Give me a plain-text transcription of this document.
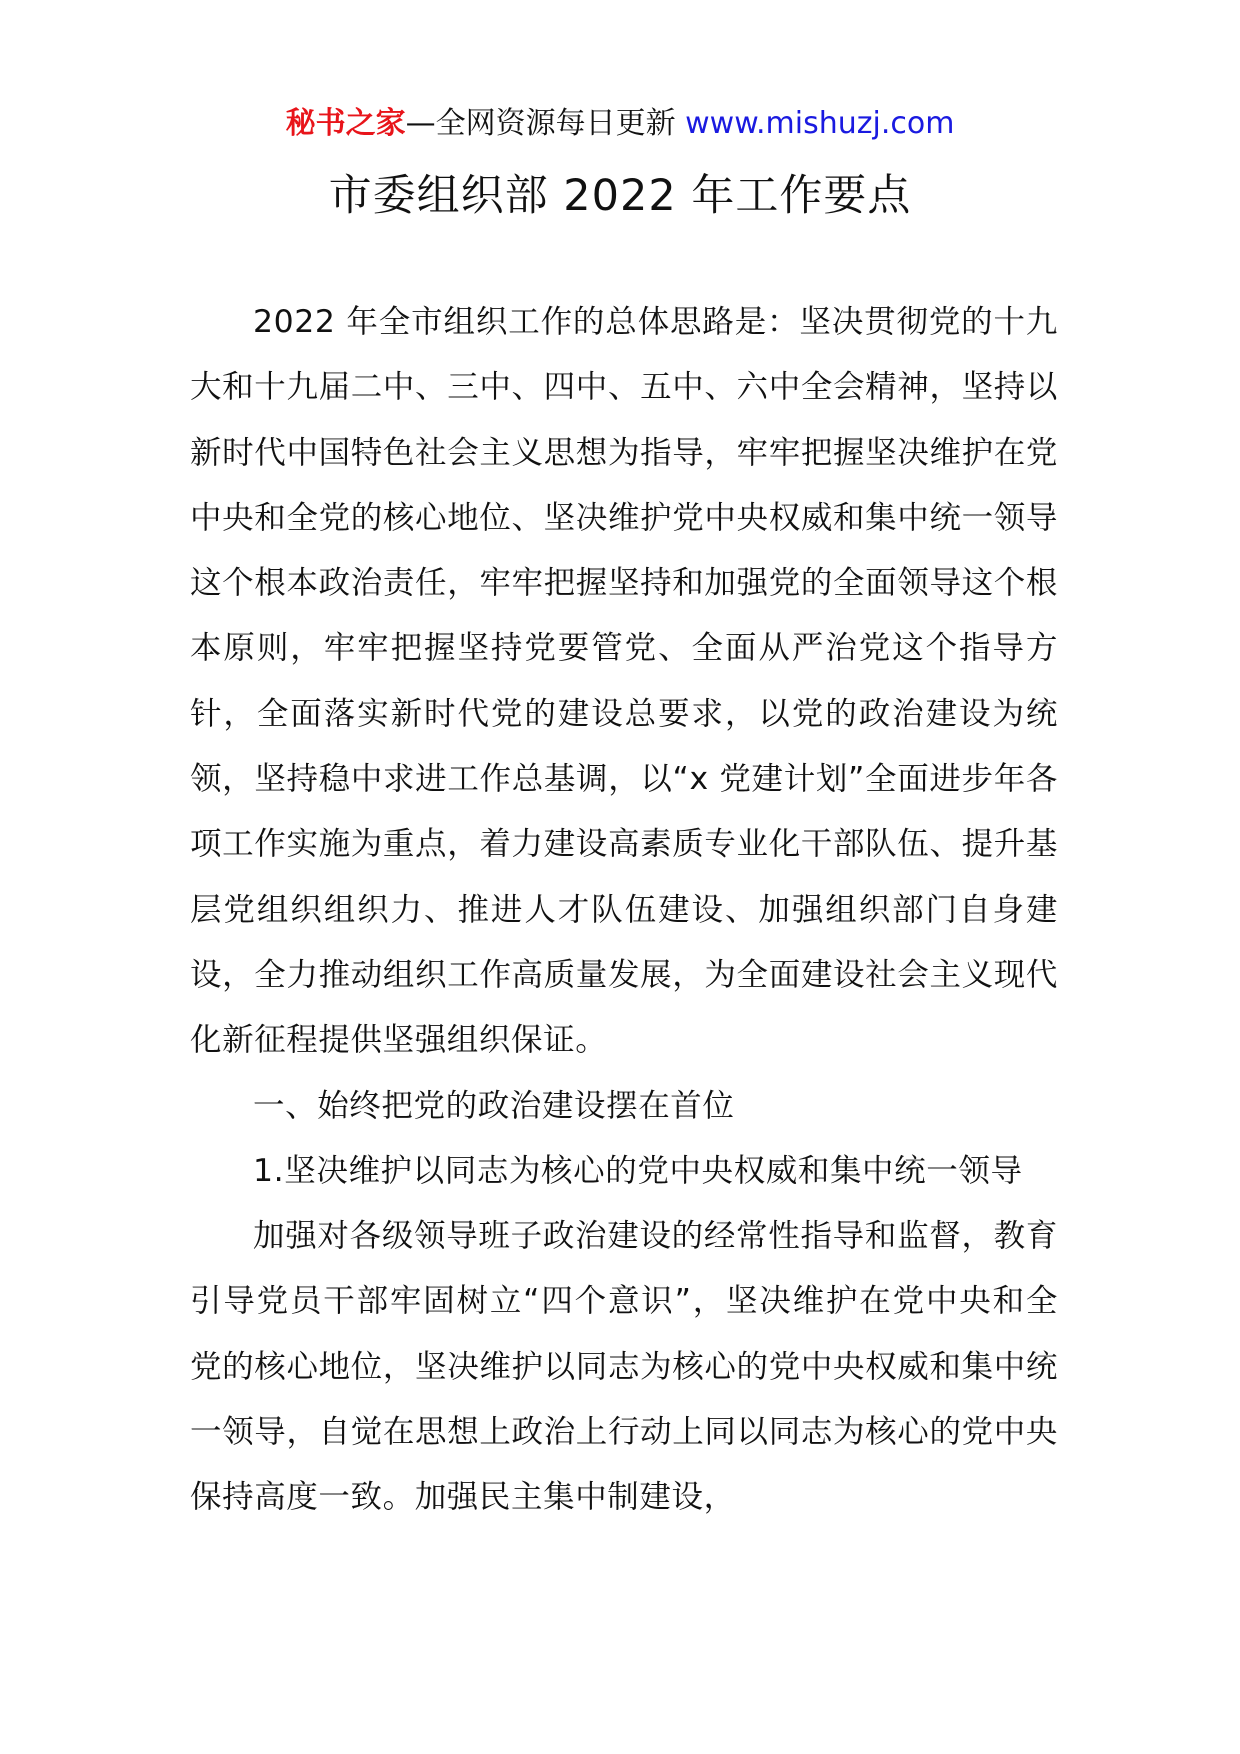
秘书之家—全网资源每日更新 www.mishuzj.com
市委组织部 2022 年工作要点

2022 年全市组织工作的总体思路是：坚决贯彻党的十九大和十九届二中、三中、四中、五中、六中全会精神，坚持以新时代中国特色社会主义思想为指导，牢牢把握坚决维护在党中央和全党的核心地位、坚决维护党中央权威和集中统一领导这个根本政治责任，牢牢把握坚持和加强党的全面领导这个根本原则，牢牢把握坚持党要管党、全面从严治党这个指导方针，全面落实新时代党的建设总要求，以党的政治建设为统领，坚持稳中求进工作总基调，以“x 党建计划”全面进步年各项工作实施为重点，着力建设高素质专业化干部队伍、提升基层党组织组织力、推进人才队伍建设、加强组织部门自身建设，全力推动组织工作高质量发展，为全面建设社会主义现代化新征程提供坚强组织保证。

一、始终把党的政治建设摆在首位

1.坚决维护以同志为核心的党中央权威和集中统一领导

加强对各级领导班子政治建设的经常性指导和监督，教育引导党员干部牢固树立“四个意识”，坚决维护在党中央和全党的核心地位，坚决维护以同志为核心的党中央权威和集中统一领导，自觉在思想上政治上行动上同以同志为核心的党中央保持高度一致。加强民主集中制建设，
